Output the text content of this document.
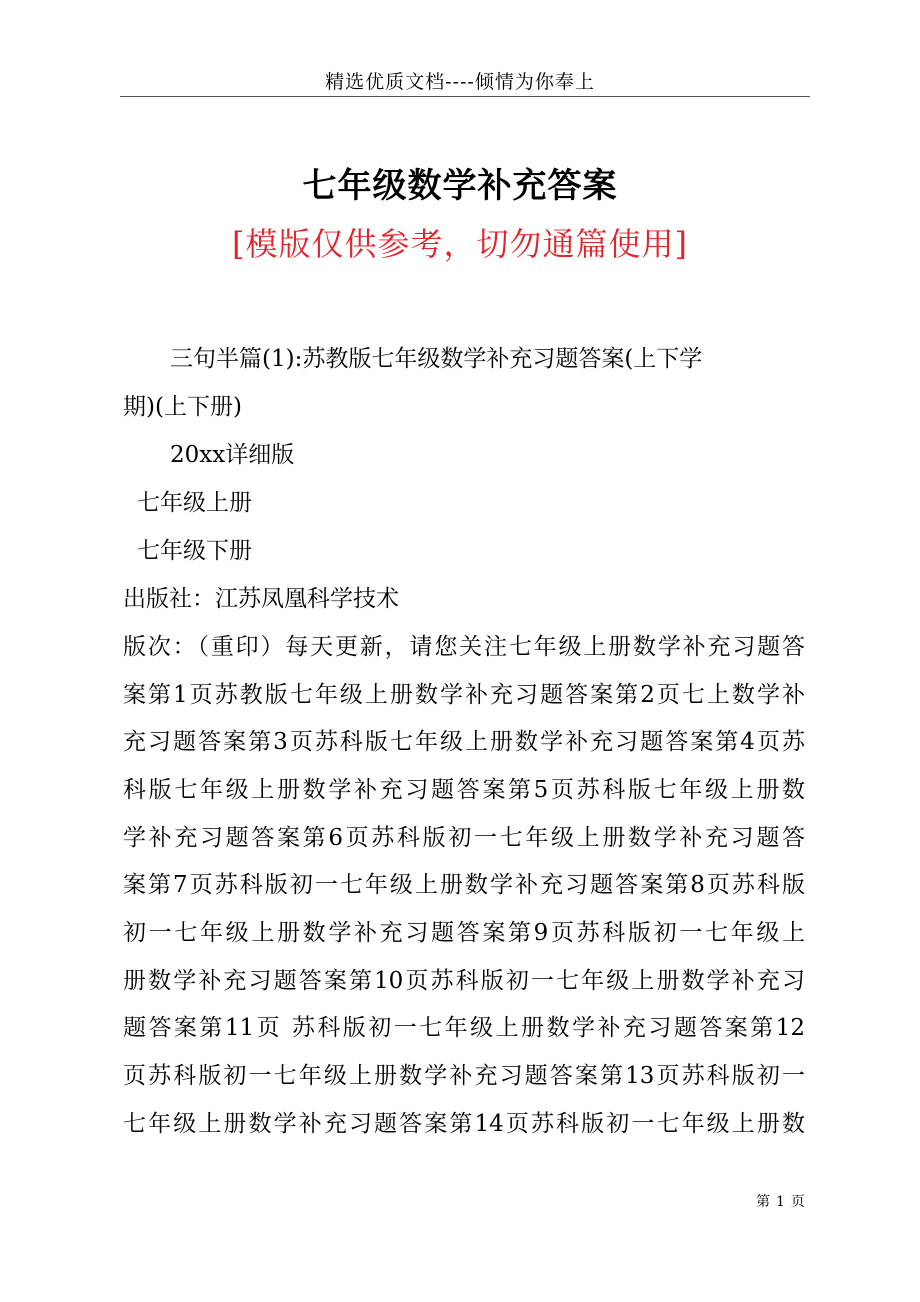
精选优质文档----倾情为你奉上
七年级数学补充答案
[模版仅供参考，切勿通篇使用]
三句半篇(1):苏教版七年级数学补充习题答案(上下学
期)(上下册)
20xx详细版
七年级上册
七年级下册
出版社：江苏凤凰科学技术
版次：（重印）每天更新，请您关注七年级上册数学补充习题答
案第1页苏教版七年级上册数学补充习题答案第2页七上数学补
充习题答案第3页苏科版七年级上册数学补充习题答案第4页苏
科版七年级上册数学补充习题答案第5页苏科版七年级上册数
学补充习题答案第6页苏科版初一七年级上册数学补充习题答
案第7页苏科版初一七年级上册数学补充习题答案第8页苏科版
初一七年级上册数学补充习题答案第9页苏科版初一七年级上
册数学补充习题答案第10页苏科版初一七年级上册数学补充习
题答案第11页 苏科版初一七年级上册数学补充习题答案第12
页苏科版初一七年级上册数学补充习题答案第13页苏科版初一
七年级上册数学补充习题答案第14页苏科版初一七年级上册数
第 1 页
